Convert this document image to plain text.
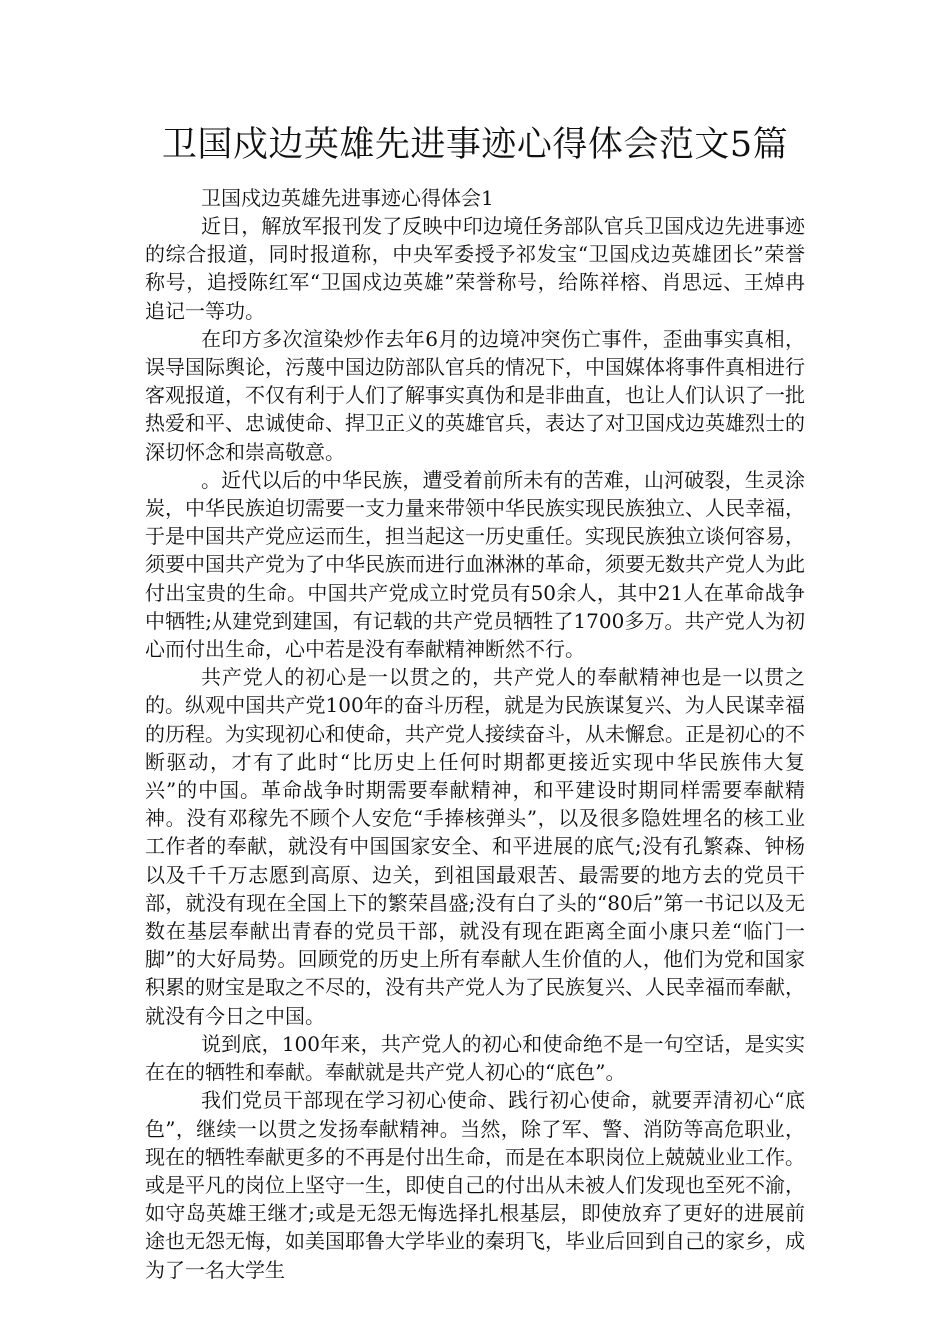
卫国戍边英雄先进事迹心得体会范文5篇

卫国戍边英雄先进事迹心得体会1

近日，解放军报刊发了反映中印边境任务部队官兵卫国戍边先进事迹的综合报道，同时报道称，中央军委授予祁发宝“卫国戍边英雄团长”荣誉称号，追授陈红军“卫国戍边英雄”荣誉称号，给陈祥榕、肖思远、王焯冉追记一等功。

在印方多次渲染炒作去年6月的边境冲突伤亡事件，歪曲事实真相，误导国际舆论，污蔑中国边防部队官兵的情况下，中国媒体将事件真相进行客观报道，不仅有利于人们了解事实真伪和是非曲直，也让人们认识了一批热爱和平、忠诚使命、捍卫正义的英雄官兵，表达了对卫国戍边英雄烈士的深切怀念和崇高敬意。

。近代以后的中华民族，遭受着前所未有的苦难，山河破裂，生灵涂炭，中华民族迫切需要一支力量来带领中华民族实现民族独立、人民幸福，于是中国共产党应运而生，担当起这一历史重任。实现民族独立谈何容易，须要中国共产党为了中华民族而进行血淋淋的革命，须要无数共产党人为此付出宝贵的生命。中国共产党成立时党员有50余人，其中21人在革命战争中牺牲;从建党到建国，有记载的共产党员牺牲了1700多万。共产党人为初心而付出生命，心中若是没有奉献精神断然不行。

共产党人的初心是一以贯之的，共产党人的奉献精神也是一以贯之的。纵观中国共产党100年的奋斗历程，就是为民族谋复兴、为人民谋幸福的历程。为实现初心和使命，共产党人接续奋斗，从未懈怠。正是初心的不断驱动，才有了此时“比历史上任何时期都更接近实现中华民族伟大复兴”的中国。革命战争时期需要奉献精神，和平建设时期同样需要奉献精神。没有邓稼先不顾个人安危“手捧核弹头”，以及很多隐姓埋名的核工业工作者的奉献，就没有中国国家安全、和平进展的底气;没有孔繁森、钟杨以及千千万志愿到高原、边关，到祖国最艰苦、最需要的地方去的党员干部，就没有现在全国上下的繁荣昌盛;没有白了头的“80后”第一书记以及无数在基层奉献出青春的党员干部，就没有现在距离全面小康只差“临门一脚”的大好局势。回顾党的历史上所有奉献人生价值的人，他们为党和国家积累的财宝是取之不尽的，没有共产党人为了民族复兴、人民幸福而奉献，就没有今日之中国。

说到底，100年来，共产党人的初心和使命绝不是一句空话，是实实在在的牺牲和奉献。奉献就是共产党人初心的“底色”。

我们党员干部现在学习初心使命、践行初心使命，就要弄清初心“底色”，继续一以贯之发扬奉献精神。当然，除了军、警、消防等高危职业，现在的牺牲奉献更多的不再是付出生命，而是在本职岗位上兢兢业业工作。或是平凡的岗位上坚守一生，即使自己的付出从未被人们发现也至死不渝，如守岛英雄王继才;或是无怨无悔选择扎根基层，即使放弃了更好的进展前途也无怨无悔，如美国耶鲁大学毕业的秦玥飞，毕业后回到自己的家乡，成为了一名大学生
